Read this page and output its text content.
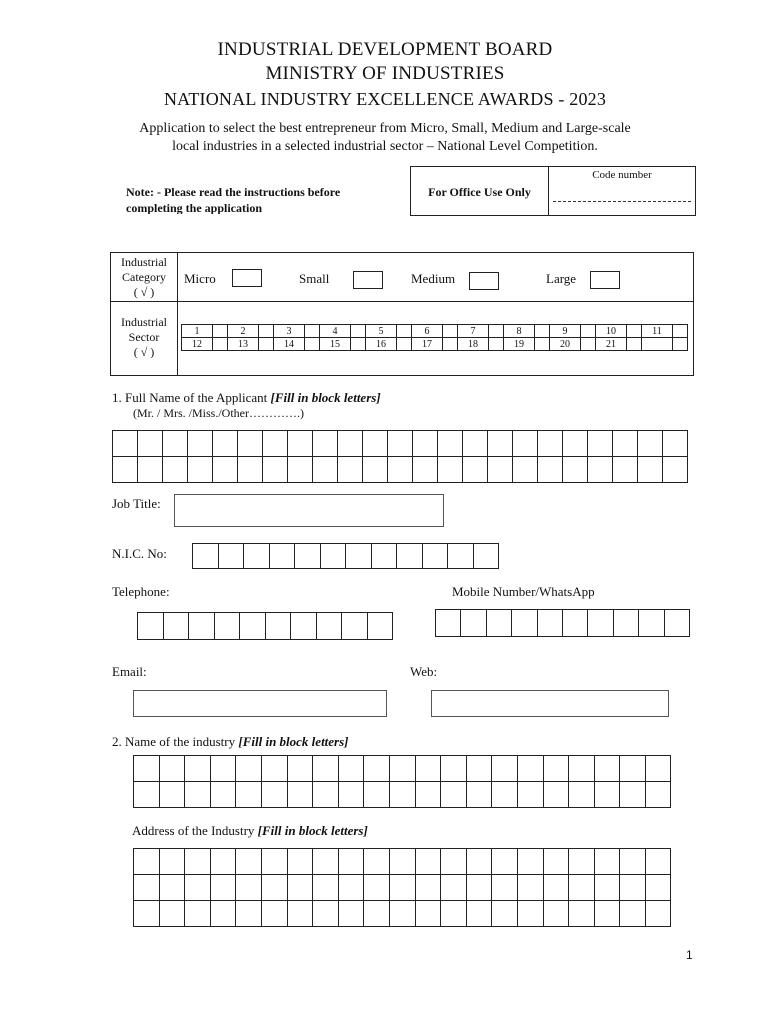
INDUSTRIAL DEVELOPMENT BOARD
MINISTRY OF INDUSTRIES
NATIONAL INDUSTRY EXCELLENCE AWARDS - 2023
Application to select the best entrepreneur from Micro, Small, Medium and Large-scale
local industries in a selected industrial sector – National Level Competition.
Note: - Please read the instructions before completing the application
For Office Use Only
Code number
Industrial
Category
( √ )
Micro	Small	Medium	Large
Industrial
Sector
( √ )
1		2		3		4		5		6		7		8		9		10		11	
12		13		14		15		16		17		18		19		20		21			
1. Full Name of the Applicant [Fill in block letters]
(Mr. / Mrs. /Miss./Other………….)
Job Title:
N.I.C. No:
Telephone:	Mobile Number/WhatsApp
Email:	Web:
2. Name of the industry [Fill in block letters]
Address of the Industry [Fill in block letters]
1
